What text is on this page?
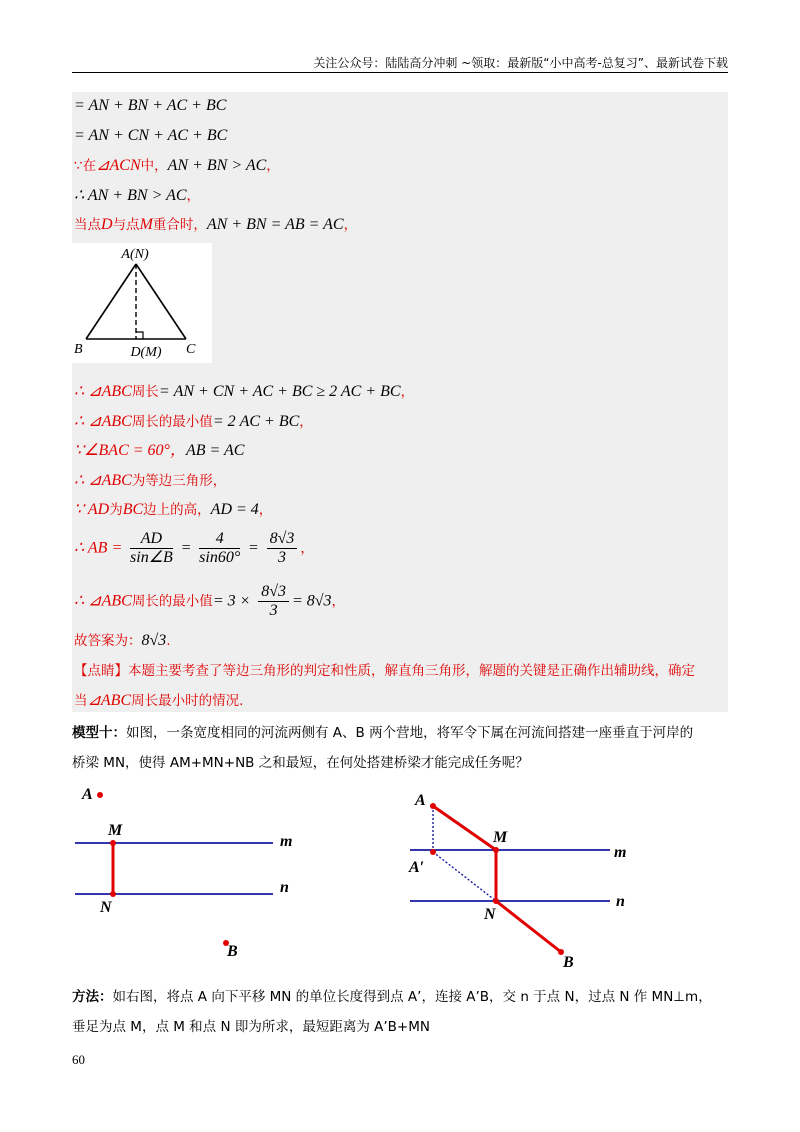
关注公众号：陆陆高分冲刺 ~领取：最新版“小中高考-总复习”、最新试卷下载
= AN + BN + AC + BC
= AN + CN + AC + BC
∵在⊿ACN中，AN + BN > AC，
∴ AN + BN > AC，
当点D与点M重合时，AN + BN = AB = AC，
A(N)
B	C
D(M)
∴ ⊿ABC周长= AN + CN + AC + BC ≥ 2 AC + BC，
∴ ⊿ABC周长的最小值= 2 AC + BC，
∵∠BAC = 60°，AB = AC
∴ ⊿ABC为等边三角形，
∵ AD为BC边上的高，AD = 4，
∴ AB = $\frac{AD}{\sin\angle B} = \frac{4}{\sin 60^\circ} = \frac{8√3}{3}$ ，
∴ ⊿ABC周长的最小值= $3 \times \frac{8√3}{3} = 8√3$，
故答案为：8√3.
【点睛】本题主要考查了等边三角形的判定和性质，解直角三角形，解题的关键是正确作出辅助线，确定
当⊿ABC周长最小时的情况.
模型十：如图，一条宽度相同的河流两侧有 A、B 两个营地，将军令下属在河流间搭建一座垂直于河岸的
桥梁 MN，使得 AM+MN+NB 之和最短，在何处搭建桥梁才能完成任务呢？
A
M
N
m
n
B
A
M
m
A′
N
n
B
方法：如右图，将点 A 向下平移 MN 的单位长度得到点 A’，连接 A’B，交 n 于点 N，过点 N 作 MN⊥m，
垂足为点 M，点 M 和点 N 即为所求，最短距离为 A’B+MN
60
